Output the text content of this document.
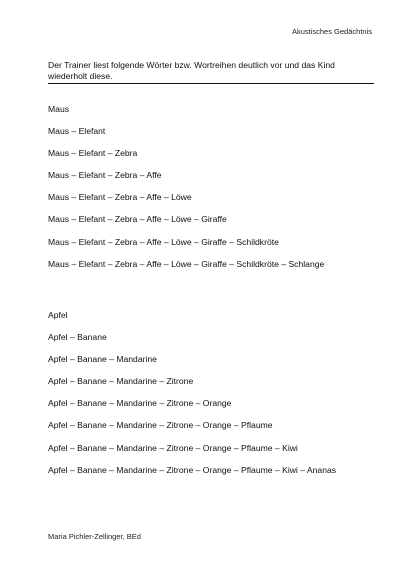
Akustisches Gedächtnis
Der Trainer liest folgende Wörter bzw. Wortreihen deutlich vor und das Kind wiederholt diese.
Maus
Maus – Elefant
Maus – Elefant – Zebra
Maus – Elefant – Zebra – Affe
Maus – Elefant – Zebra – Affe – Löwe
Maus – Elefant – Zebra – Affe – Löwe – Giraffe
Maus – Elefant – Zebra – Affe – Löwe – Giraffe – Schildkröte
Maus – Elefant – Zebra – Affe – Löwe – Giraffe – Schildkröte – Schlange
Apfel
Apfel – Banane
Apfel – Banane – Mandarine
Apfel – Banane – Mandarine – Zitrone
Apfel – Banane – Mandarine – Zitrone – Orange
Apfel – Banane – Mandarine – Zitrone – Orange – Pflaume
Apfel – Banane – Mandarine – Zitrone – Orange – Pflaume – Kiwi
Apfel – Banane – Mandarine – Zitrone – Orange – Pflaume – Kiwi – Ananas
Maria Pichler-Zellinger, BEd
